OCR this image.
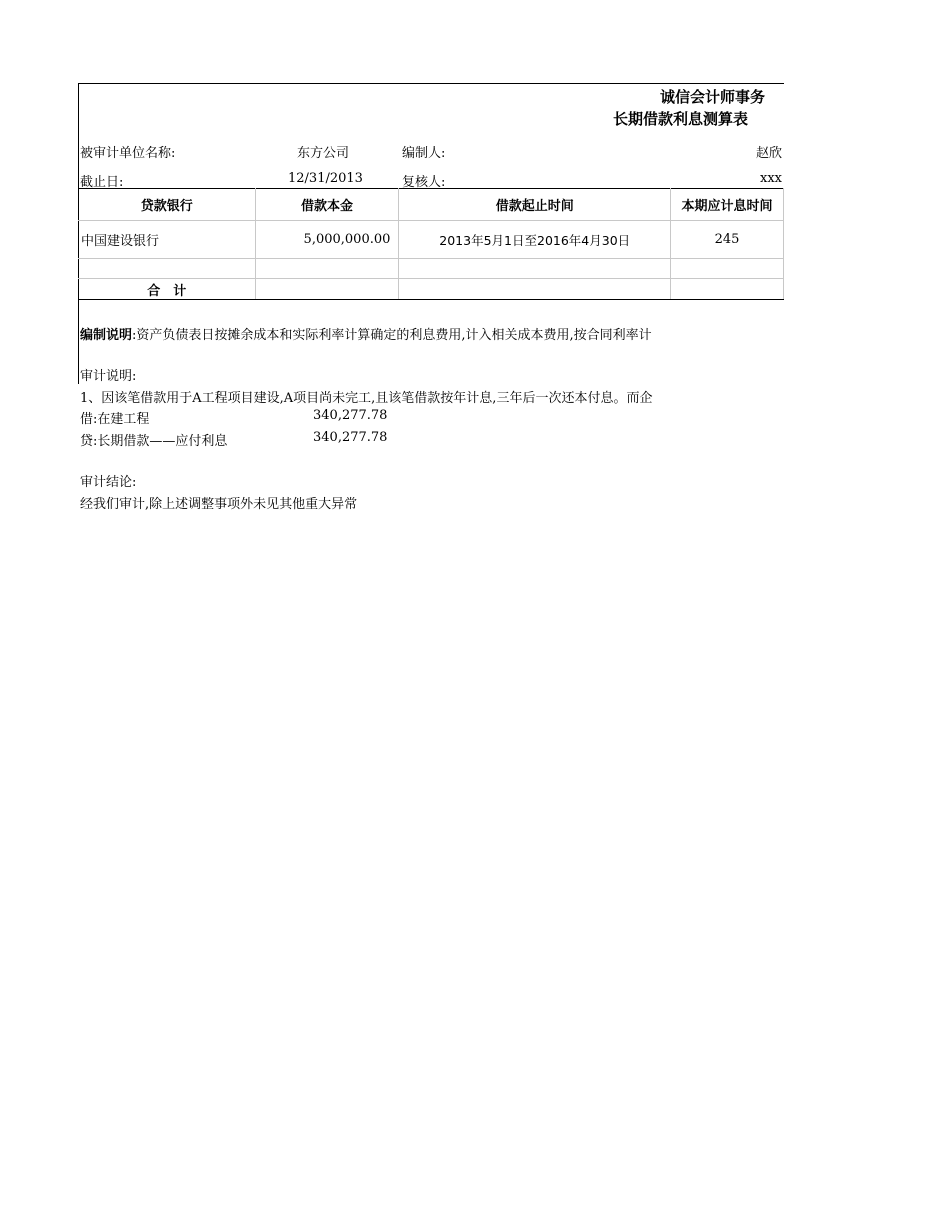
诚信会计师事务
长期借款利息测算表
被审计单位名称:	东方公司	编制人:	赵欣
截止日:	12/31/2013	复核人:	xxx
贷款银行	借款本金	借款起止时间	本期应计息时间
中国建设银行	5,000,000.00	2013年5月1日至2016年4月30日	245

合　计			
编制说明:资产负债表日按摊余成本和实际利率计算确定的利息费用,计入相关成本费用,按合同利率计
审计说明:
1、因该笔借款用于A工程项目建设,A项目尚未完工,且该笔借款按年计息,三年后一次还本付息。而企
借:在建工程	340,277.78
贷:长期借款——应付利息	340,277.78
审计结论:
经我们审计,除上述调整事项外未见其他重大异常
